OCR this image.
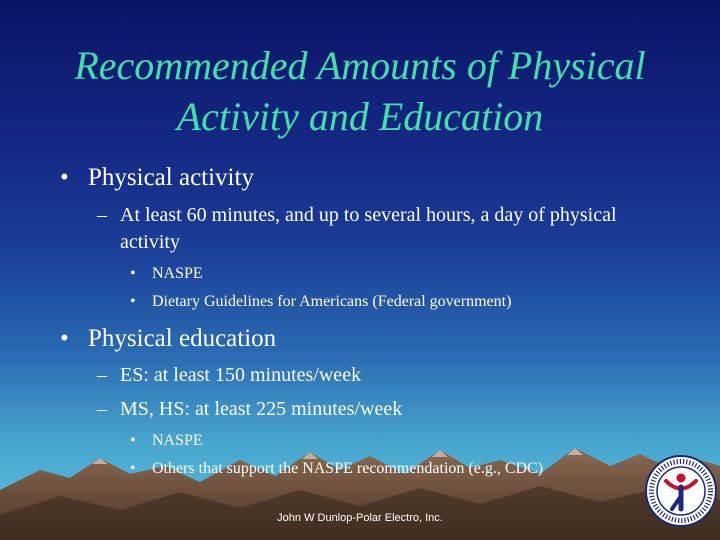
Recommended Amounts of Physical Activity and Education
• Physical activity
– At least 60 minutes, and up to several hours, a day of physical activity
• NASPE
• Dietary Guidelines for Americans (Federal government)
• Physical education
– ES: at least 150 minutes/week
– MS, HS: at least 225 minutes/week
• NASPE
• Others that support the NASPE recommendation (e.g., CDC)
John W Dunlop-Polar Electro, Inc.
